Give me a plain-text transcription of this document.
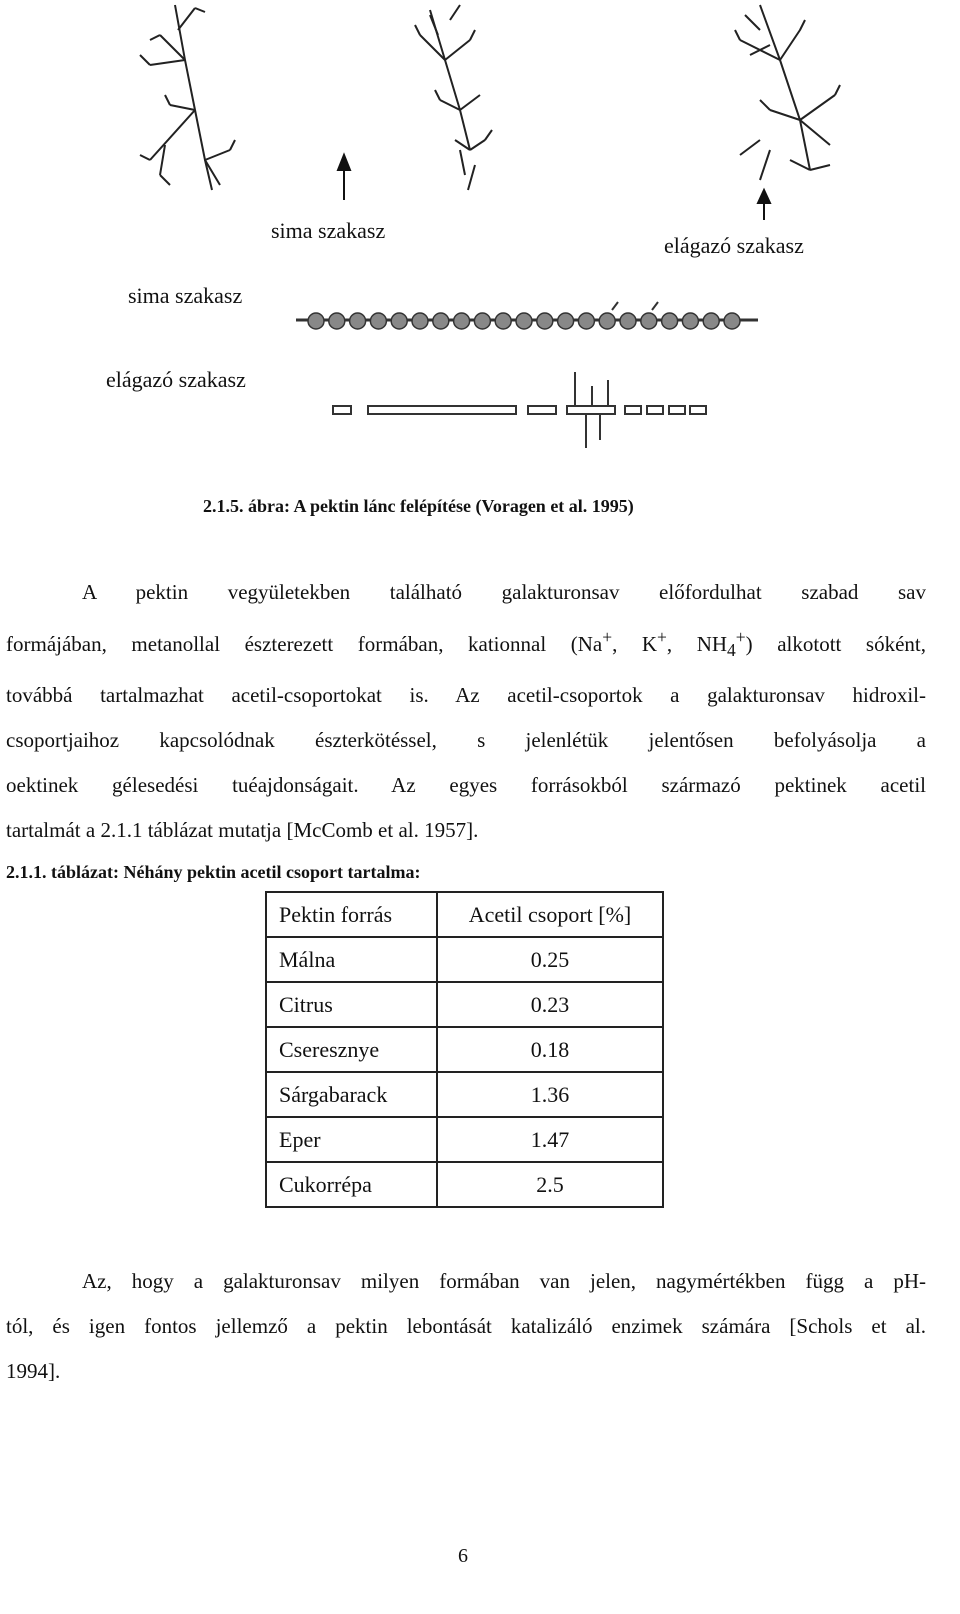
sima szakasz
elágazó szakasz
sima szakasz
elágazó szakasz
2.1.5. ábra: A pektin lánc felépítése (Voragen et al. 1995)

A pektin vegyületekben található galakturonsav előfordulhat szabad sav

formájában, metanollal észterezett formában, kationnal (Na+, K+, $NH_4^+$) alkotott sóként,

továbbá tartalmazhat acetil-csoportokat is. Az acetil-csoportok a galakturonsav hidroxil-

csoportjaihoz kapcsolódnak észterkötéssel, s jelenlétük jelentősen befolyásolja a

oektinek gélesedési tuéajdonságait. Az egyes forrásokból származó pektinek acetil

tartalmát a 2.1.1 táblázat mutatja [McComb et al. 1957].

2.1.1. táblázat: Néhány pektin acetil csoport tartalma:
Pektin forrás	Acetil csoport [%]
Málna	0.25
Citrus	0.23
Cseresznye	0.18
Sárgabarack	1.36
Eper	1.47
Cukorrépa	2.5

Az, hogy a galakturonsav milyen formában van jelen, nagymértékben függ a pH-

tól, és igen fontos jellemző a pektin lebontását katalizáló enzimek számára [Schols et al.

1994].

6
